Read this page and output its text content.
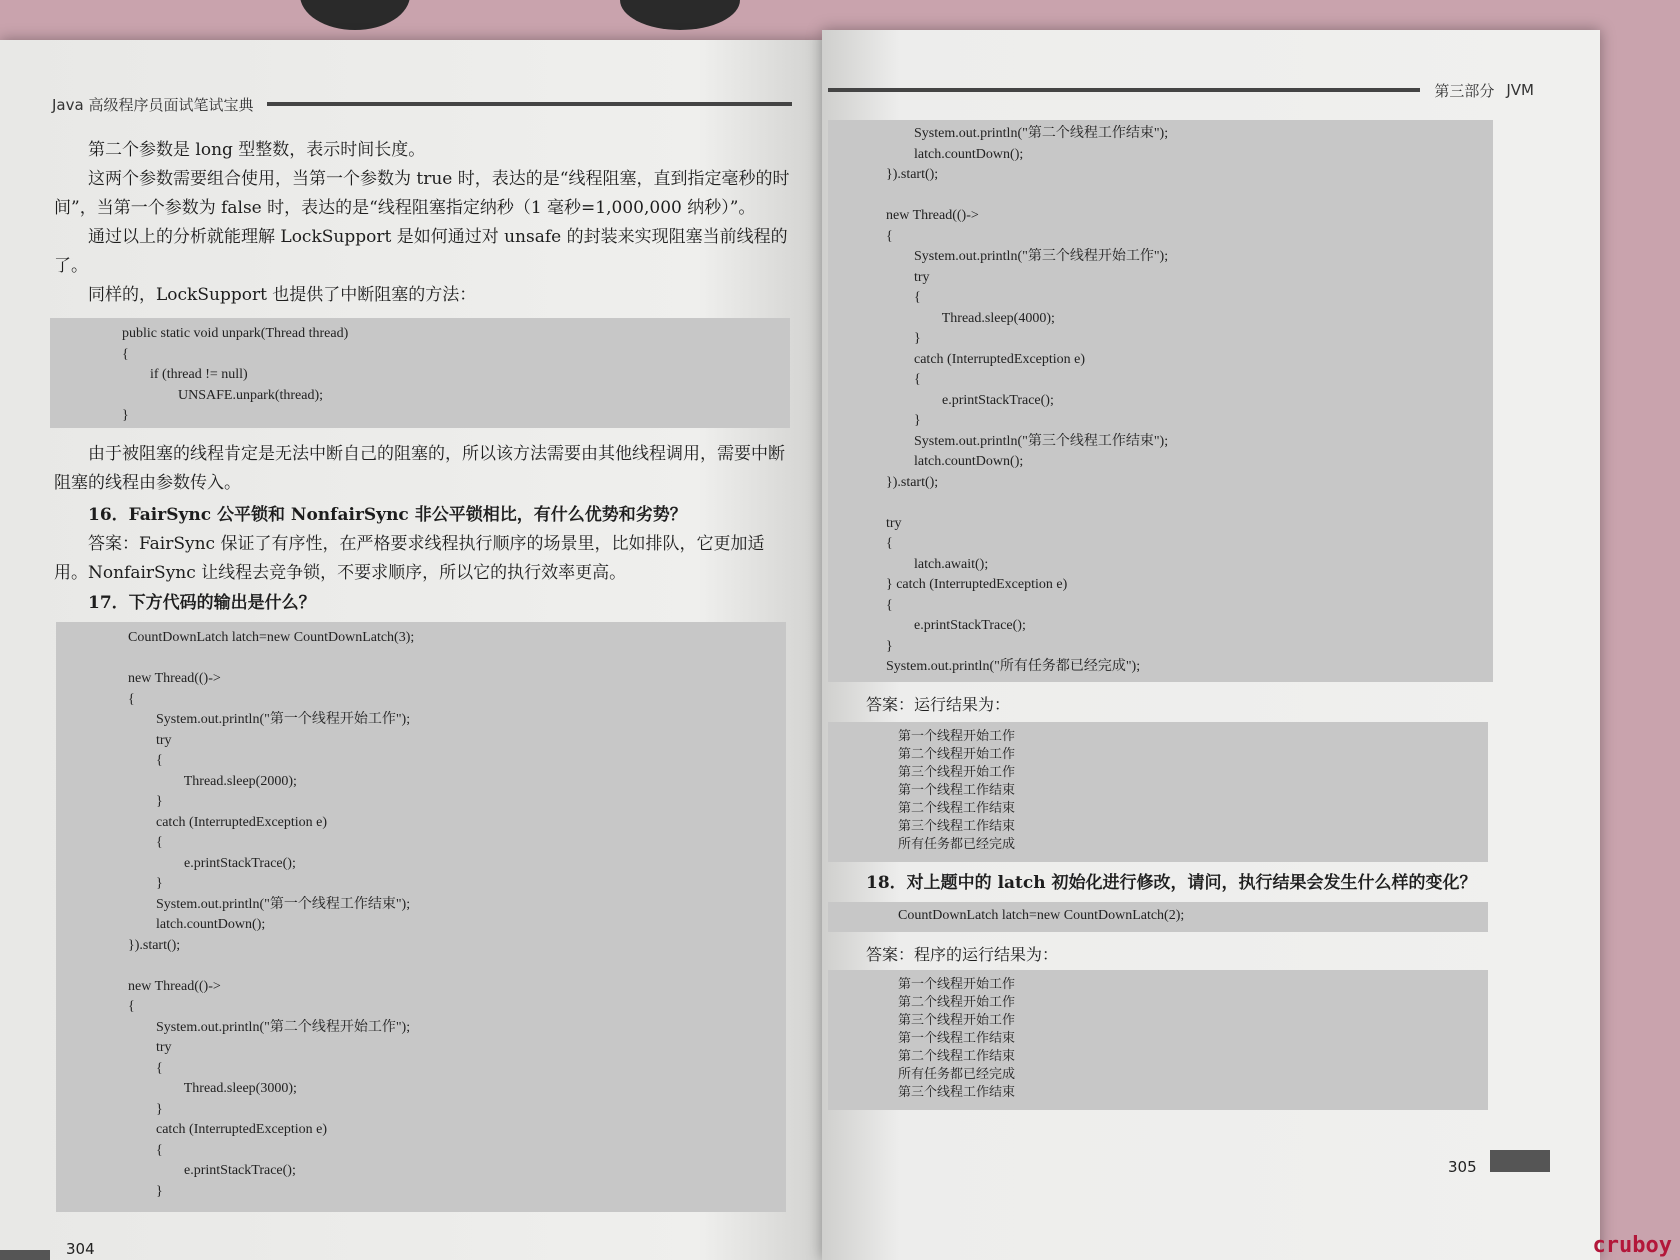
Java 高级程序员面试笔试宝典

第二个参数是 long 型整数，表示时间长度。

这两个参数需要组合使用，当第一个参数为 true 时，表达的是“线程阻塞，直到指定毫秒的时间”，当第一个参数为 false 时，表达的是“线程阻塞指定纳秒（1 毫秒=1,000,000 纳秒）”。

通过以上的分析就能理解 LockSupport 是如何通过对 unsafe 的封装来实现阻塞当前线程的了。

同样的，LockSupport 也提供了中断阻塞的方法：

public static void unpark(Thread thread)
{
if (thread != null)
UNSAFE.unpark(thread);
}

由于被阻塞的线程肯定是无法中断自己的阻塞的，所以该方法需要由其他线程调用，需要中断阻塞的线程由参数传入。

16．FairSync 公平锁和 NonfairSync 非公平锁相比，有什么优势和劣势？

答案：FairSync 保证了有序性，在严格要求线程执行顺序的场景里，比如排队，它更加适用。NonfairSync 让线程去竞争锁，不要求顺序，所以它的执行效率更高。

17．下方代码的输出是什么？

CountDownLatch latch=new CountDownLatch(3);
new Thread(()->
{
System.out.println("第一个线程开始工作");
try
{
Thread.sleep(2000);
}
catch (InterruptedException e)
{
e.printStackTrace();
}
System.out.println("第一个线程工作结束");
latch.countDown();
}).start();
new Thread(()->
{
System.out.println("第二个线程开始工作");
try
{
Thread.sleep(3000);
}
catch (InterruptedException e)
{
e.printStackTrace();
}
304
第三部分 JVM
System.out.println("第二个线程工作结束");
latch.countDown();
}).start();
new Thread(()->
{
System.out.println("第三个线程开始工作");
try
{
Thread.sleep(4000);
}
catch (InterruptedException e)
{
e.printStackTrace();
}
System.out.println("第三个线程工作结束");
latch.countDown();
}).start();
try
{
latch.await();
} catch (InterruptedException e)
{
e.printStackTrace();
}
System.out.println("所有任务都已经完成");
答案：运行结果为：
第一个线程开始工作
第二个线程开始工作
第三个线程开始工作
第一个线程工作结束
第二个线程工作结束
第三个线程工作结束
所有任务都已经完成

18．对上题中的 latch 初始化进行修改，请问，执行结果会发生什么样的变化？

CountDownLatch latch=new CountDownLatch(2);
答案：程序的运行结果为：
第一个线程开始工作
第二个线程开始工作
第三个线程开始工作
第一个线程工作结束
第二个线程工作结束
所有任务都已经完成
第三个线程工作结束
305
cruboy
